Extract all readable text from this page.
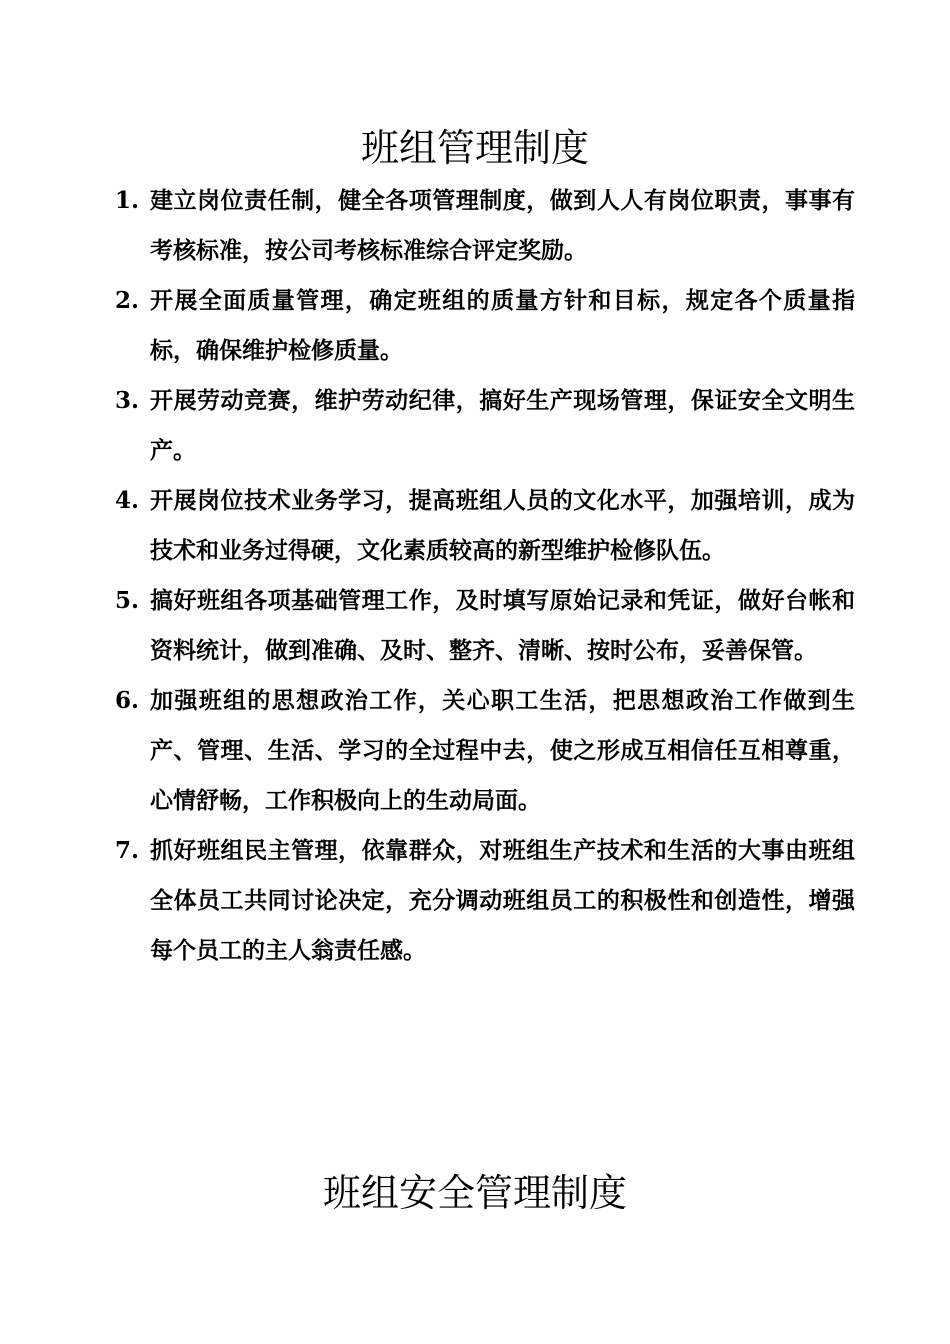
班组管理制度
1. 建立岗位责任制，健全各项管理制度，做到人人有岗位职责，事事有考核标准，按公司考核标准综合评定奖励。
2. 开展全面质量管理，确定班组的质量方针和目标，规定各个质量指标，确保维护检修质量。
3. 开展劳动竞赛，维护劳动纪律，搞好生产现场管理，保证安全文明生产。
4. 开展岗位技术业务学习，提高班组人员的文化水平，加强培训，成为技术和业务过得硬，文化素质较高的新型维护检修队伍。
5. 搞好班组各项基础管理工作，及时填写原始记录和凭证，做好台帐和资料统计，做到准确、及时、整齐、清晰、按时公布，妥善保管。
6. 加强班组的思想政治工作，关心职工生活，把思想政治工作做到生产、管理、生活、学习的全过程中去，使之形成互相信任互相尊重，心情舒畅，工作积极向上的生动局面。
7. 抓好班组民主管理，依靠群众，对班组生产技术和生活的大事由班组全体员工共同讨论决定，充分调动班组员工的积极性和创造性，增强每个员工的主人翁责任感。
班组安全管理制度
